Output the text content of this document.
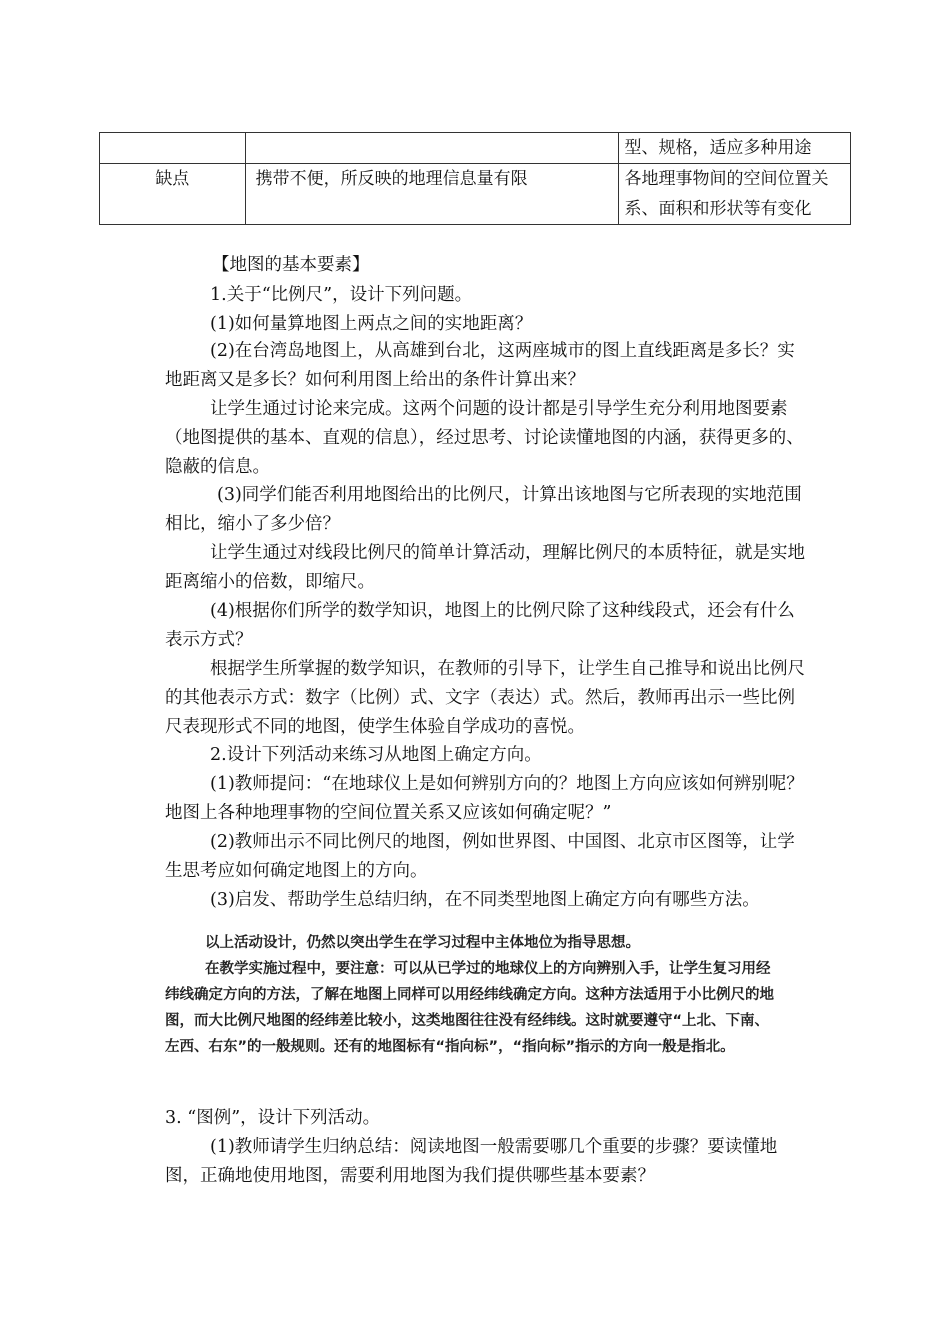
		型、规格，适应多种用途
缺点	携带不便，所反映的地理信息量有限	各地理事物间的空间位置关系、面积和形状等有变化
【地图的基本要素】
1.关于“比例尺”，设计下列问题。
(1)如何量算地图上两点之间的实地距离？
(2)在台湾岛地图上，从高雄到台北，这两座城市的图上直线距离是多长？实地距离又是多长？如何利用图上给出的条件计算出来？
让学生通过讨论来完成。这两个问题的设计都是引导学生充分利用地图要素（地图提供的基本、直观的信息），经过思考、讨论读懂地图的内涵，获得更多的、隐蔽的信息。
(3)同学们能否利用地图给出的比例尺，计算出该地图与它所表现的实地范围相比，缩小了多少倍？
让学生通过对线段比例尺的简单计算活动，理解比例尺的本质特征，就是实地距离缩小的倍数，即缩尺。
(4)根据你们所学的数学知识，地图上的比例尺除了这种线段式，还会有什么表示方式？
根据学生所掌握的数学知识，在教师的引导下，让学生自己推导和说出比例尺的其他表示方式：数字（比例）式、文字（表达）式。然后，教师再出示一些比例尺表现形式不同的地图，使学生体验自学成功的喜悦。
2.设计下列活动来练习从地图上确定方向。
(1)教师提问：“在地球仪上是如何辨别方向的？地图上方向应该如何辨别呢？地图上各种地理事物的空间位置关系又应该如何确定呢？”
(2)教师出示不同比例尺的地图，例如世界图、中国图、北京市区图等，让学生思考应如何确定地图上的方向。
(3)启发、帮助学生总结归纳，在不同类型地图上确定方向有哪些方法。

以上活动设计，仍然以突出学生在学习过程中主体地位为指导思想。

在教学实施过程中，要注意：可以从已学过的地球仪上的方向辨别入手，让学生复习用经纬线确定方向的方法，了解在地图上同样可以用经纬线确定方向。这种方法适用于小比例尺的地图，而大比例尺地图的经纬差比较小，这类地图往往没有经纬线。这时就要遵守“上北、下南、左西、右东”的一般规则。还有的地图标有“指向标”，“指向标”指示的方向一般是指北。

3. “图例”，设计下列活动。
(1)教师请学生归纳总结：阅读地图一般需要哪几个重要的步骤？要读懂地图，正确地使用地图，需要利用地图为我们提供哪些基本要素？
